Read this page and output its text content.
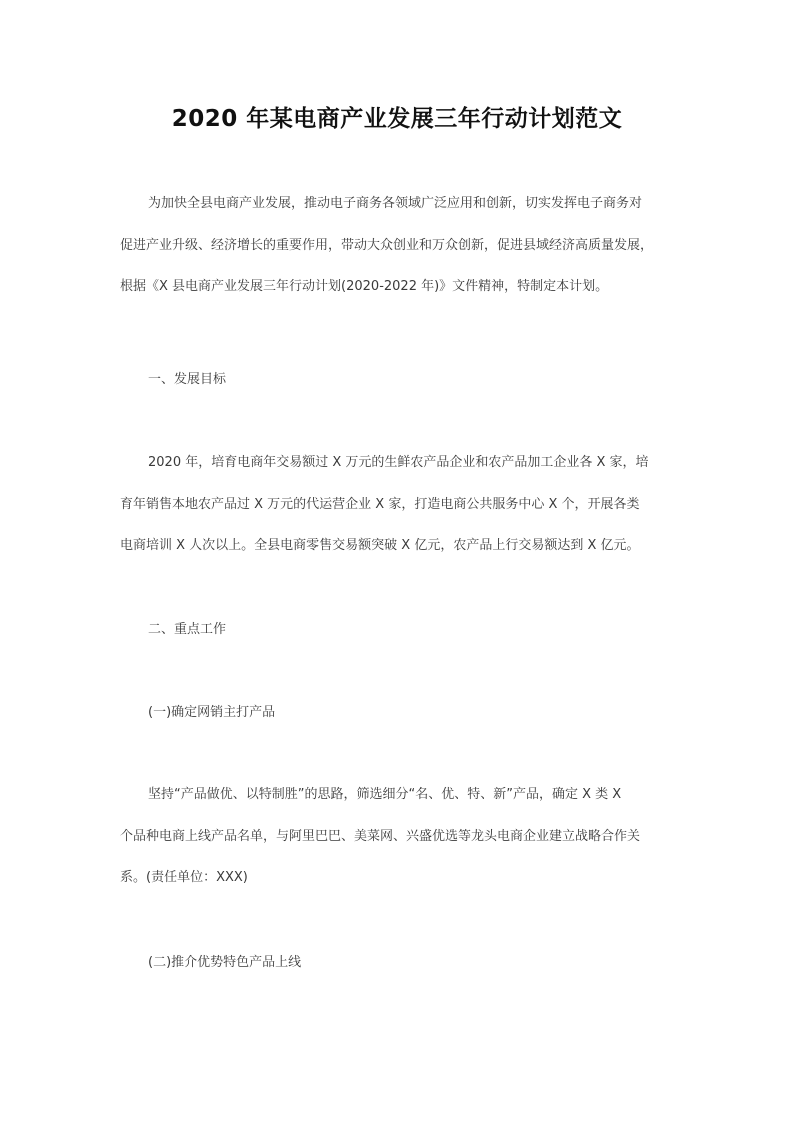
2020 年某电商产业发展三年行动计划范文
为加快全县电商产业发展，推动电子商务各领域广泛应用和创新，切实发挥电子商务对
促进产业升级、经济增长的重要作用，带动大众创业和万众创新，促进县域经济高质量发展，
根据《X 县电商产业发展三年行动计划(2020-2022 年)》文件精神，特制定本计划。
一、发展目标
2020 年，培育电商年交易额过 X 万元的生鲜农产品企业和农产品加工企业各 X 家，培
育年销售本地农产品过 X 万元的代运营企业 X 家，打造电商公共服务中心 X 个，开展各类
电商培训 X 人次以上。全县电商零售交易额突破 X 亿元，农产品上行交易额达到 X 亿元。
二、重点工作
(一)确定网销主打产品
坚持“产品做优、以特制胜”的思路，筛选细分“名、优、特、新”产品，确定 X 类 X
个品种电商上线产品名单，与阿里巴巴、美菜网、兴盛优选等龙头电商企业建立战略合作关
系。(责任单位：XXX)
(二)推介优势特色产品上线
